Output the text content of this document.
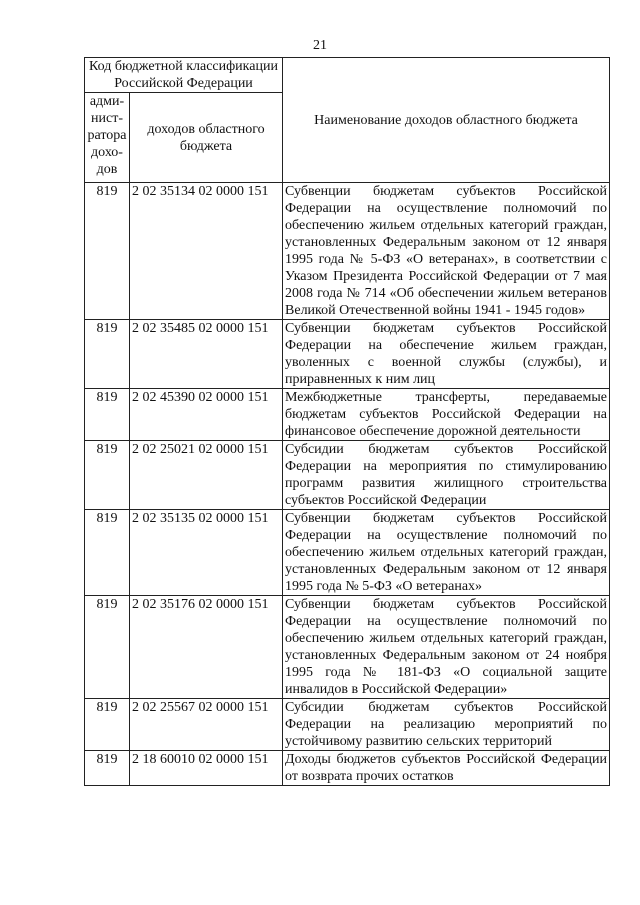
21
Код бюджетной классификации Российской Федерации		Наименование доходов областного бюджета
адми-нист-ратора дохо-дов	доходов областного бюджета	
819	2 02 35134 02 0000 151	Субвенции бюджетам субъектов Российской Федерации на осуществление полномочий по обеспечению жильем отдельных категорий граждан, установленных Федеральным законом от 12 января 1995 года № 5-ФЗ «О ветеранах», в соответствии с Указом Президента Российской Федерации от 7 мая 2008 года № 714 «Об обеспечении жильем ветеранов Великой Отечественной войны 1941 - 1945 годов»
819	2 02 35485 02 0000 151	Субвенции бюджетам субъектов Российской Федерации на обеспечение жильем граждан, уволенных с военной службы (службы), и приравненных к ним лиц
819	2 02 45390 02 0000 151	Межбюджетные трансферты, передаваемые бюджетам субъектов Российской Федерации на финансовое обеспечение дорожной деятельности
819	2 02 25021 02 0000 151	Субсидии бюджетам субъектов Российской Федерации на мероприятия по стимулированию программ развития жилищного строительства субъектов Российской Федерации
819	2 02 35135 02 0000 151	Субвенции бюджетам субъектов Российской Федерации на осуществление полномочий по обеспечению жильем отдельных категорий граждан, установленных Федеральным законом от 12 января 1995 года № 5-ФЗ «О ветеранах»
819	2 02 35176 02 0000 151	Субвенции бюджетам субъектов Российской Федерации на осуществление полномочий по обеспечению жильем отдельных категорий граждан, установленных Федеральным законом от 24 ноября 1995 года № 181-ФЗ «О социальной защите инвалидов в Российской Федерации»
819	2 02 25567 02 0000 151	Субсидии бюджетам субъектов Российской Федерации на реализацию мероприятий по устойчивому развитию сельских территорий
819	2 18 60010 02 0000 151	Доходы бюджетов субъектов Российской Федерации от возврата прочих остатков
